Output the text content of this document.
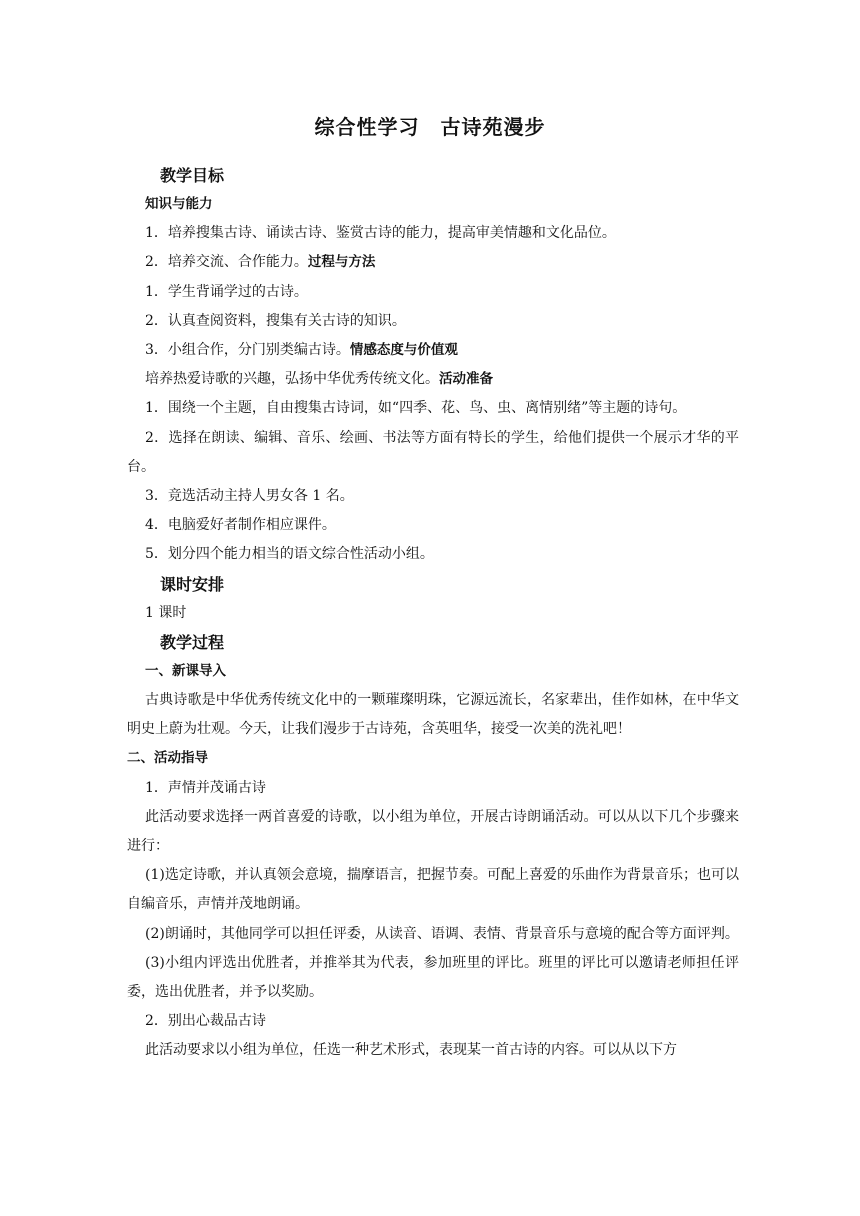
综合性学习　古诗苑漫步

教学目标

知识与能力

1．培养搜集古诗、诵读古诗、鉴赏古诗的能力，提高审美情趣和文化品位。

2．培养交流、合作能力。过程与方法

1．学生背诵学过的古诗。

2．认真查阅资料，搜集有关古诗的知识。

3．小组合作，分门别类编古诗。情感态度与价值观

培养热爱诗歌的兴趣，弘扬中华优秀传统文化。活动准备

1．围绕一个主题，自由搜集古诗词，如“四季、花、鸟、虫、离情别绪”等主题的诗句。

2．选择在朗读、编辑、音乐、绘画、书法等方面有特长的学生，给他们提供一个展示才华的平台。

3．竞选活动主持人男女各 1 名。

4．电脑爱好者制作相应课件。

5．划分四个能力相当的语文综合性活动小组。

课时安排

1 课时

教学过程

一、新课导入

古典诗歌是中华优秀传统文化中的一颗璀璨明珠，它源远流长，名家辈出，佳作如林，在中华文明史上蔚为壮观。今天，让我们漫步于古诗苑，含英咀华，接受一次美的洗礼吧！

二、活动指导

1．声情并茂诵古诗

此活动要求选择一两首喜爱的诗歌，以小组为单位，开展古诗朗诵活动。可以从以下几个步骤来进行：

(1)选定诗歌，并认真领会意境，揣摩语言，把握节奏。可配上喜爱的乐曲作为背景音乐；也可以自编音乐，声情并茂地朗诵。

(2)朗诵时，其他同学可以担任评委，从读音、语调、表情、背景音乐与意境的配合等方面评判。

(3)小组内评选出优胜者，并推举其为代表，参加班里的评比。班里的评比可以邀请老师担任评委，选出优胜者，并予以奖励。

2．别出心裁品古诗

此活动要求以小组为单位，任选一种艺术形式，表现某一首古诗的内容。可以从以下方
